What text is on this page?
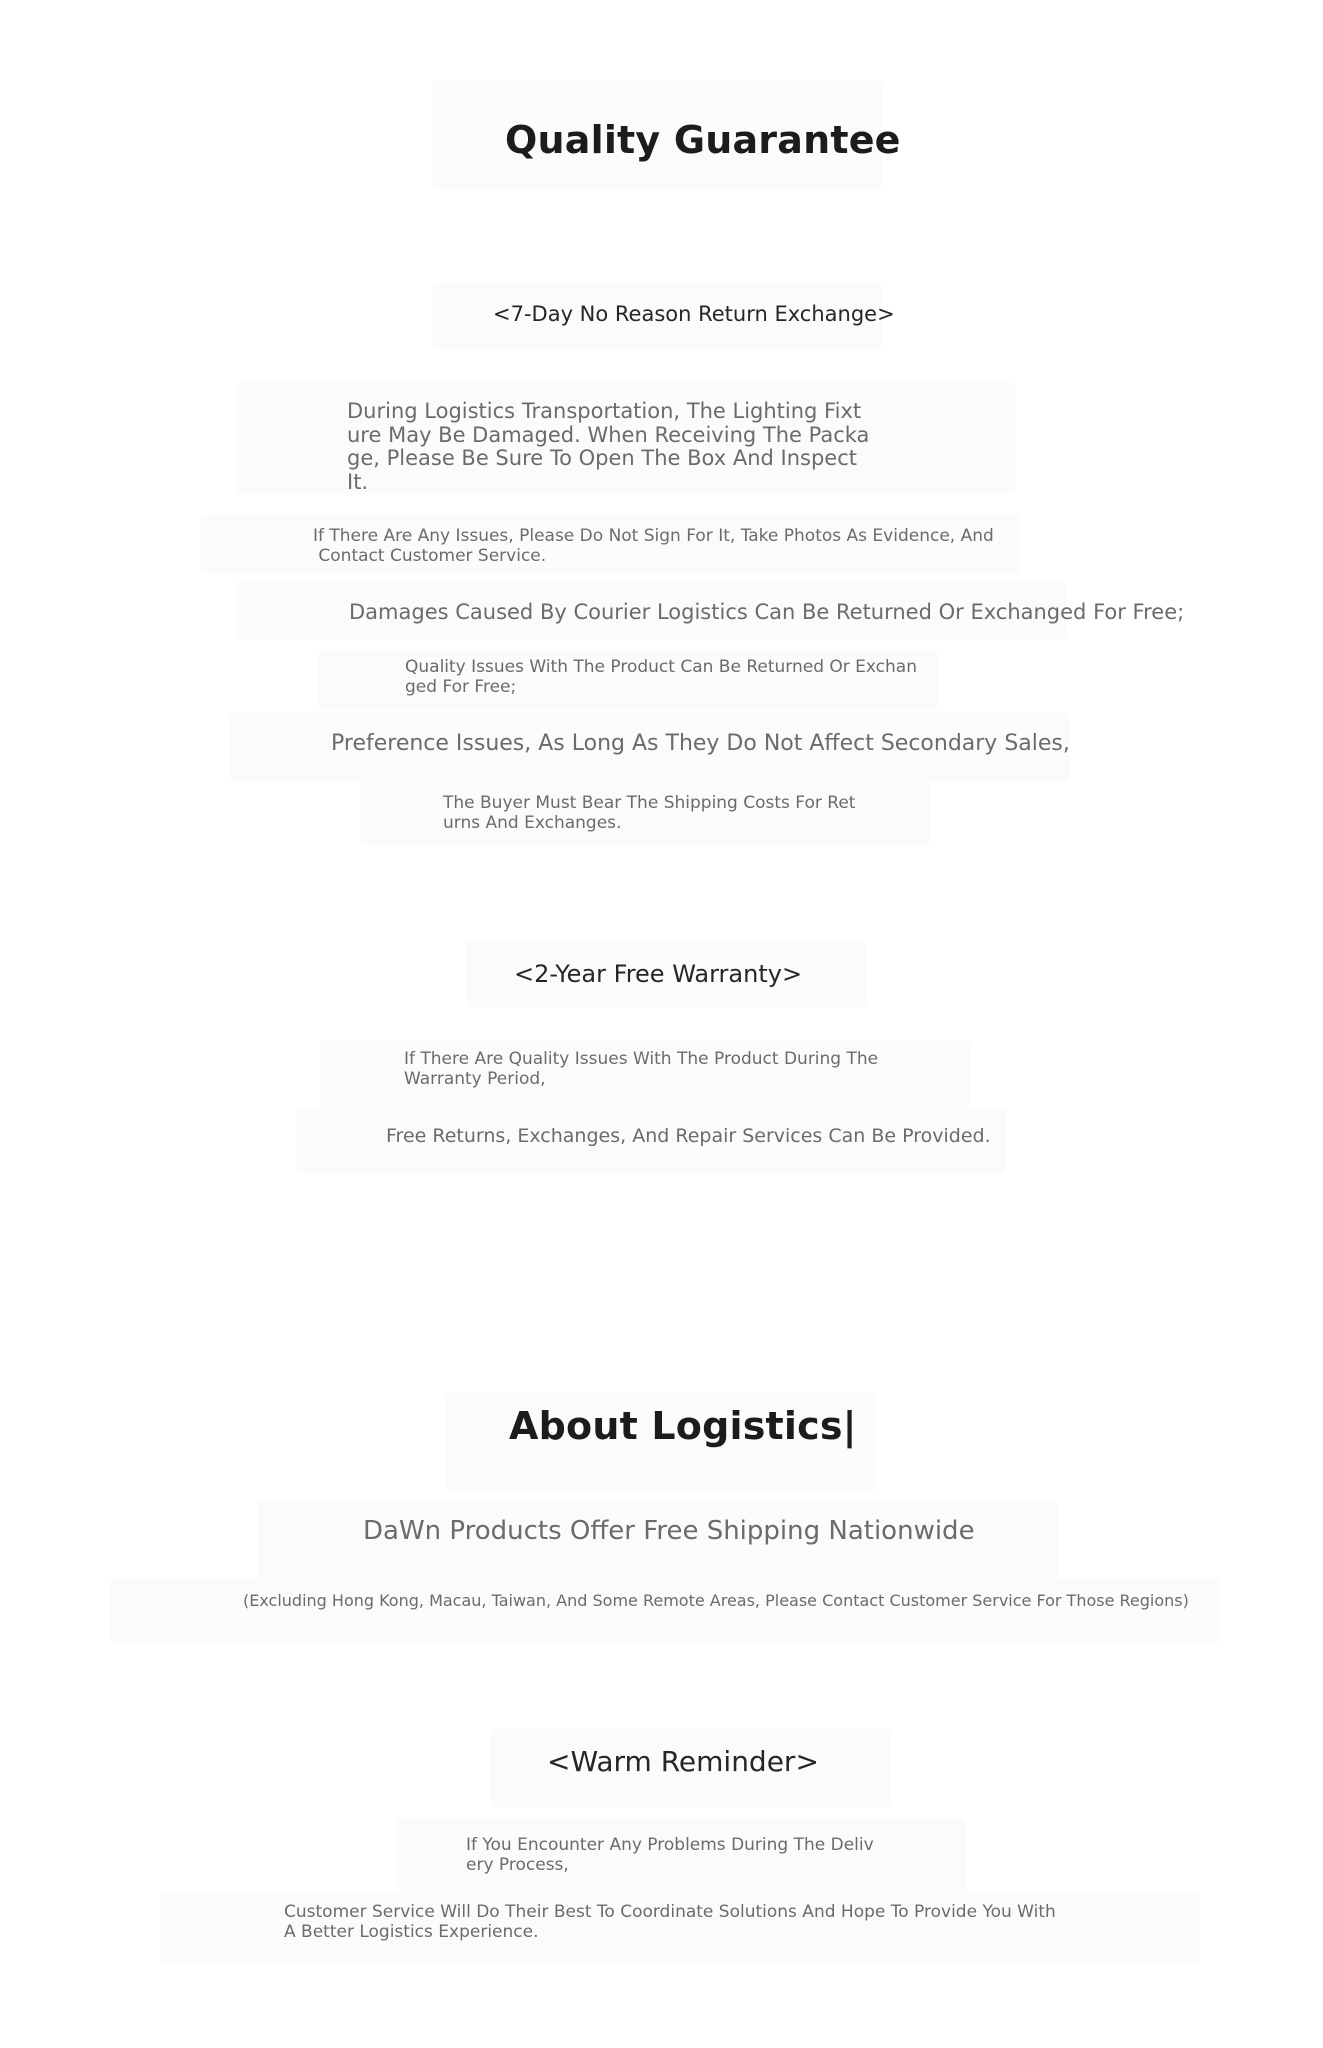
Quality Guarantee
<7-Day No Reason Return Exchange>
During Logistics Transportation, The Lighting Fixt
ure May Be Damaged. When Receiving The Packa
ge, Please Be Sure To Open The Box And Inspect
It.
If There Are Any Issues, Please Do Not Sign For It, Take Photos As Evidence, And
Contact Customer Service.
Damages Caused By Courier Logistics Can Be Returned Or Exchanged For Free;
Quality Issues With The Product Can Be Returned Or Exchan
ged For Free;
Preference Issues, As Long As They Do Not Affect Secondary Sales,
The Buyer Must Bear The Shipping Costs For Ret
urns And Exchanges.
<2-Year Free Warranty>
If There Are Quality Issues With The Product During The
Warranty Period,
Free Returns, Exchanges, And Repair Services Can Be Provided.
About Logistics|
DaWn Products Offer Free Shipping Nationwide
(Excluding Hong Kong, Macau, Taiwan, And Some Remote Areas, Please Contact Customer Service For Those Regions)
<Warm Reminder>
If You Encounter Any Problems During The Deliv
ery Process,
Customer Service Will Do Their Best To Coordinate Solutions And Hope To Provide You With
A Better Logistics Experience.
